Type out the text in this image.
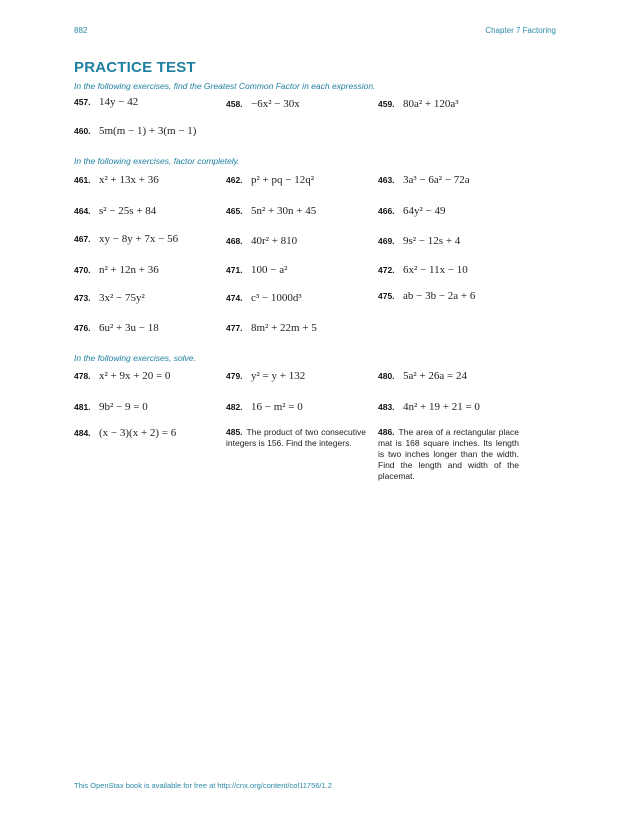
882	Chapter 7 Factoring
PRACTICE TEST
In the following exercises, find the Greatest Common Factor in each expression.
457. 14y − 42	458. −6x² − 30x	459. 80a² + 120a³
460. 5m(m − 1) + 3(m − 1)
In the following exercises, factor completely.
461. x² + 13x + 36	462. p² + pq − 12q²	463. 3a³ − 6a² − 72a
464. s² − 25s + 84	465. 5n² + 30n + 45	466. 64y² − 49
467. xy − 8y + 7x − 56	468. 40r² + 810	469. 9s² − 12s + 4
470. n² + 12n + 36	471. 100 − a²	472. 6x² − 11x − 10
473. 3x² − 75y²	474. c³ − 1000d³	475. ab − 3b − 2a + 6
476. 6u² + 3u − 18	477. 8m² + 22m + 5
In the following exercises, solve.
478. x² + 9x + 20 = 0	479. y² = y + 132	480. 5a² + 26a = 24
481. 9b² − 9 = 0	482. 16 − m² = 0	483. 4n² + 19 + 21 = 0
484. (x − 3)(x + 2) = 6	485. The product of two consecutive integers is 156. Find the integers.
486. The area of a rectangular place mat is 168 square inches. Its length is two inches longer than the width. Find the length and width of the placemat.
This OpenStax book is available for free at http://cnx.org/content/col11756/1.2
